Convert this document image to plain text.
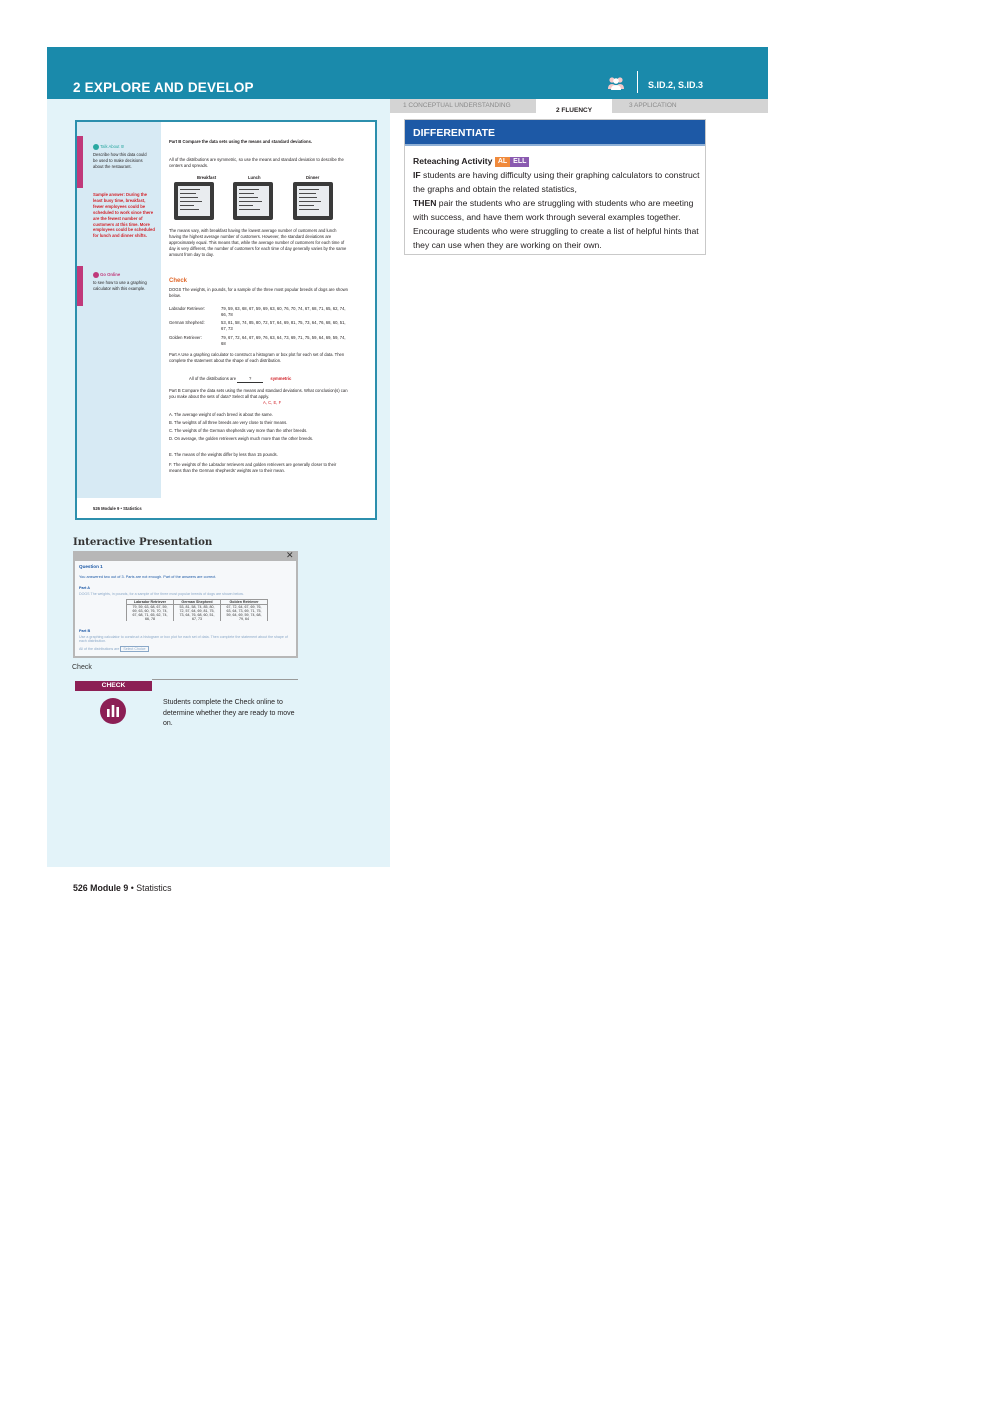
2 EXPLORE AND DEVELOP	S.ID.2, S.ID.3
1 CONCEPTUAL UNDERSTANDING
2 FLUENCY
3 APPLICATION
Talk About It!
Describe how this data could be used to make decisions about the restaurant.
Sample answer: During the least busy time, breakfast, fewer employees could be scheduled to work since there are the fewest number of customers at this time. More employees could be scheduled for lunch and dinner shifts.
Go Online
to see how to use a graphing calculator with this example.
526 Module 9 • Statistics
Part B Compare the data sets using the means and standard deviations.
All of the distributions are symmetric, so use the means and standard deviation to describe the centers and spreads.
Breakfast	Lunch	Dinner
The means vary, with breakfast having the lowest average number of customers and lunch having the highest average number of customers. However, the standard deviations are approximately equal. This means that, while the average number of customers for each time of day is very different, the number of customers for each time of day generally varies by the same amount from day to day.
Check
DOGS The weights, in pounds, for a sample of the three most popular breeds of dogs are shown below.
Labrador Retriever:	79, 59, 63, 68, 67, 59, 69, 63, 60, 76, 70, 74, 67, 68, 71, 65, 62, 74, 66, 78
German Shepherd:	53, 81, 58, 74, 85, 80, 72, 57, 64, 69, 81, 75, 73, 64, 76, 68, 60, 51, 67, 73
Golden Retriever:	79, 67, 72, 64, 67, 69, 76, 63, 64, 73, 69, 71, 75, 59, 64, 69, 59, 74, 68
Part A Use a graphing calculator to construct a histogram or box plot for each set of data. Then complete the statement about the shape of each distribution.
All of the distributions are	?	symmetric
Part B Compare the data sets using the means and standard deviations. What conclusion(s) can you make about the sets of data? Select all that apply.
A, C, E, F
A. The average weight of each breed is about the same.
B. The weights of all three breeds are very close to their means.
C. The weights of the German shepherds vary more than the other breeds.
D. On average, the golden retrievers weigh much more than the other breeds.
E. The means of the weights differ by less than 15 pounds.
F. The weights of the Labrador retrievers and golden retrievers are generally closer to their means than the German shepherds' weights are to their mean.
DIFFERENTIATE
Reteaching Activity AL ELL
IF students are having difficulty using their graphing calculators to construct the graphs and obtain the related statistics,
THEN pair the students who are struggling with students who are meeting with success, and have them work through several examples together. Encourage students who were struggling to create a list of helpful hints that they can use when they are working on their own.
Interactive Presentation
✕
Question 1
You answered two out of 3. Parts are not enough. Part of the answers are correct.
Part A
DOGS The weights, in pounds, for a sample of the three most popular breeds of dogs are shown below.
Labrador Retriever	German Shepherd	Golden Retriever
79, 59, 63, 68, 67, 59,	53, 81, 58, 74, 85, 80,	67, 72, 64, 67, 69, 76,
69, 63, 60, 76, 70, 74,	72, 57, 64, 69, 81, 75,	63, 64, 73, 69, 71, 75,
67, 68, 71, 65, 62, 74,	73, 64, 76, 68, 60, 51,	59, 64, 69, 59, 74, 68,
66, 78	67, 73	79, 64
Part B
Use a graphing calculator to construct a histogram or box plot for each set of data. Then complete the statement about the shape of each distribution.
All of the distributions are Select Choice
Check
CHECK
Students complete the Check online to determine whether they are ready to move on.
526 Module 9 • Statistics
